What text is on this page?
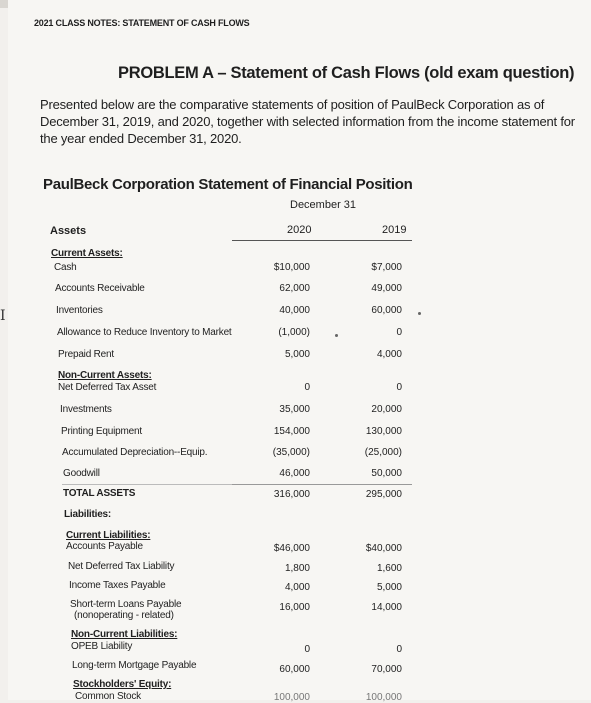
2021 CLASS NOTES: STATEMENT OF CASH FLOWS
I
PROBLEM A – Statement of Cash Flows (old exam question)
Presented below are the comparative statements of position of PaulBeck Corporation as of December 31, 2019, and 2020, together with selected information from the income statement for the year ended December 31, 2020.
PaulBeck Corporation Statement of Financial Position
December 31
Assets	2020	2019
Current Assets:
Cash	$10,000	$7,000
Accounts Receivable	62,000	49,000
Inventories	40,000	60,000
Allowance to Reduce Inventory to Market	(1,000)	0
Prepaid Rent	5,000	4,000
Non-Current Assets:
Net Deferred Tax Asset	0	0
Investments	35,000	20,000
Printing Equipment	154,000	130,000
Accumulated Depreciation--Equip.	(35,000)	(25,000)
Goodwill	46,000	50,000
TOTAL ASSETS	316,000	295,000
Liabilities:
Current Liabilities:
Accounts Payable	$46,000	$40,000
Net Deferred Tax Liability	1,800	1,600
Income Taxes Payable	4,000	5,000
Short-term Loans Payable
(nonoperating - related)
16,000	14,000
Non-Current Liabilities:
OPEB Liability	0	0
Long-term Mortgage Payable	60,000	70,000
Stockholders' Equity:
Common Stock	100,000	100,000
